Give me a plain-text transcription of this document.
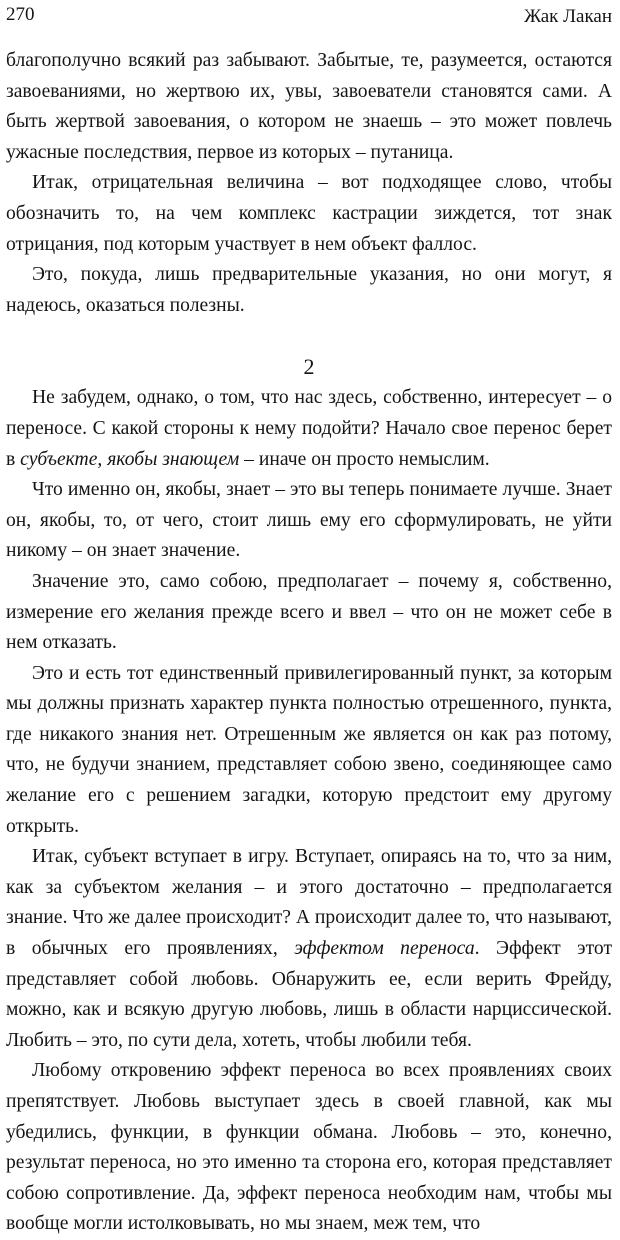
270	Жак Лакан

благополучно всякий раз забывают. Забытые, те, разумеется, остаются завоеваниями, но жертвою их, увы, завоеватели становятся сами. А быть жертвой завоевания, о котором не знаешь – это может повлечь ужасные последствия, первое из которых – путаница.

Итак, отрицательная величина – вот подходящее слово, чтобы обозначить то, на чем комплекс кастрации зиждется, тот знак отрицания, под которым участвует в нем объект фаллос.

Это, покуда, лишь предварительные указания, но они могут, я надеюсь, оказаться полезны.

2

Не забудем, однако, о том, что нас здесь, собственно, интересует – о переносе. С какой стороны к нему подойти? Начало свое перенос берет в субъекте, якобы знающем – иначе он просто немыслим.

Что именно он, якобы, знает – это вы теперь понимаете лучше. Знает он, якобы, то, от чего, стоит лишь ему его сформулировать, не уйти никому – он знает значение.

Значение это, само собою, предполагает – почему я, собственно, измерение его желания прежде всего и ввел – что он не может себе в нем отказать.

Это и есть тот единственный привилегированный пункт, за которым мы должны признать характер пункта полностью отрешенного, пункта, где никакого знания нет. Отрешенным же является он как раз потому, что, не будучи знанием, представляет собою звено, соединяющее само желание его с решением загадки, которую предстоит ему другому открыть.

Итак, субъект вступает в игру. Вступает, опираясь на то, что за ним, как за субъектом желания – и этого достаточно – предполагается знание. Что же далее происходит? А происходит далее то, что называют, в обычных его проявлениях, эффектом переноса. Эффект этот представляет собой любовь. Обнаружить ее, если верить Фрейду, можно, как и всякую другую любовь, лишь в области нарциссической. Любить – это, по сути дела, хотеть, чтобы любили тебя.

Любому откровению эффект переноса во всех проявлениях своих препятствует. Любовь выступает здесь в своей главной, как мы убедились, функции, в функции обмана. Любовь – это, конечно, результат переноса, но это именно та сторона его, которая представляет собою сопротивление. Да, эффект переноса необходим нам, чтобы мы вообще могли истолковывать, но мы знаем, меж тем, что
